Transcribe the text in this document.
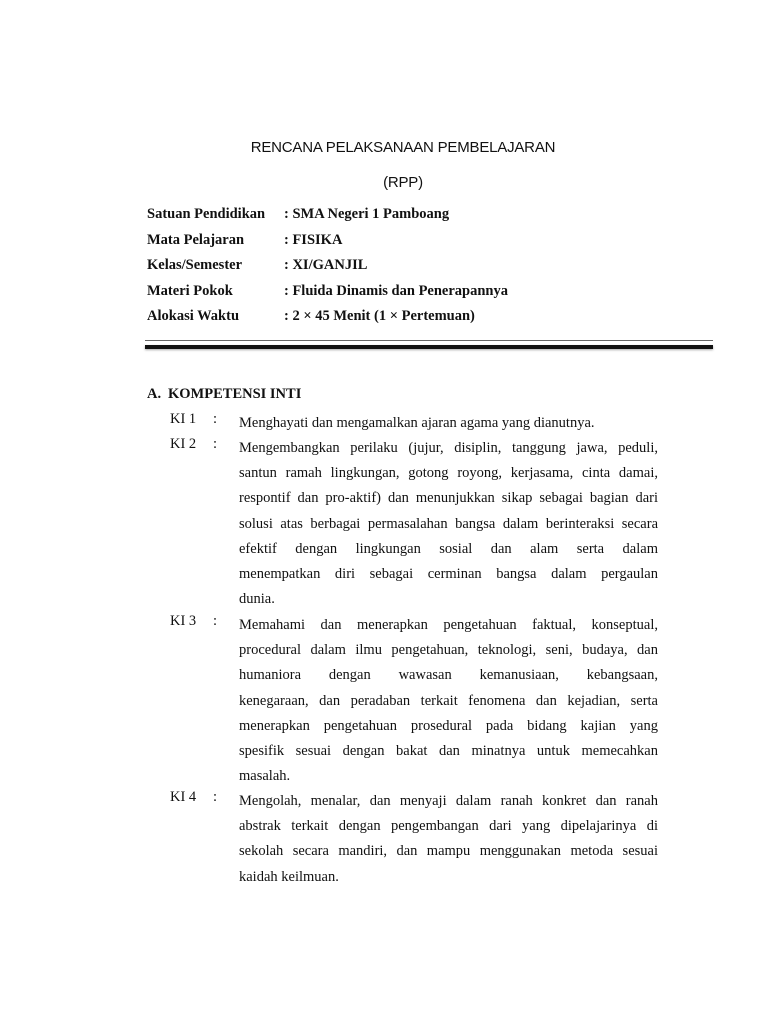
RENCANA PELAKSANAAN PEMBELAJARAN
(RPP)
Satuan Pendidikan : SMA Negeri 1 Pamboang
Mata Pelajaran	: FISIKA
Kelas/Semester	: XI/GANJIL
Materi Pokok	: Fluida Dinamis dan Penerapannya
Alokasi Waktu	: 2 × 45 Menit (1 × Pertemuan)
A. KOMPETENSI INTI
KI 1 : Menghayati dan mengamalkan ajaran agama yang dianutnya.
KI 2 : Mengembangkan perilaku (jujur, disiplin, tanggung jawa, peduli,
santun ramah lingkungan, gotong royong, kerjasama, cinta damai,
respontif dan pro-aktif) dan menunjukkan sikap sebagai bagian dari
solusi atas berbagai permasalahan bangsa dalam berinteraksi secara
efektif dengan lingkungan sosial dan alam serta dalam
menempatkan diri sebagai cerminan bangsa dalam pergaulan
dunia.
KI 3 : Memahami dan menerapkan pengetahuan faktual, konseptual,
procedural dalam ilmu pengetahuan, teknologi, seni, budaya, dan
humaniora dengan wawasan kemanusiaan, kebangsaan,
kenegaraan, dan peradaban terkait fenomena dan kejadian, serta
menerapkan pengetahuan prosedural pada bidang kajian yang
spesifik sesuai dengan bakat dan minatnya untuk memecahkan
masalah.
KI 4 : Mengolah, menalar, dan menyaji dalam ranah konkret dan ranah
abstrak terkait dengan pengembangan dari yang dipelajarinya di
sekolah secara mandiri, dan mampu menggunakan metoda sesuai
kaidah keilmuan.
